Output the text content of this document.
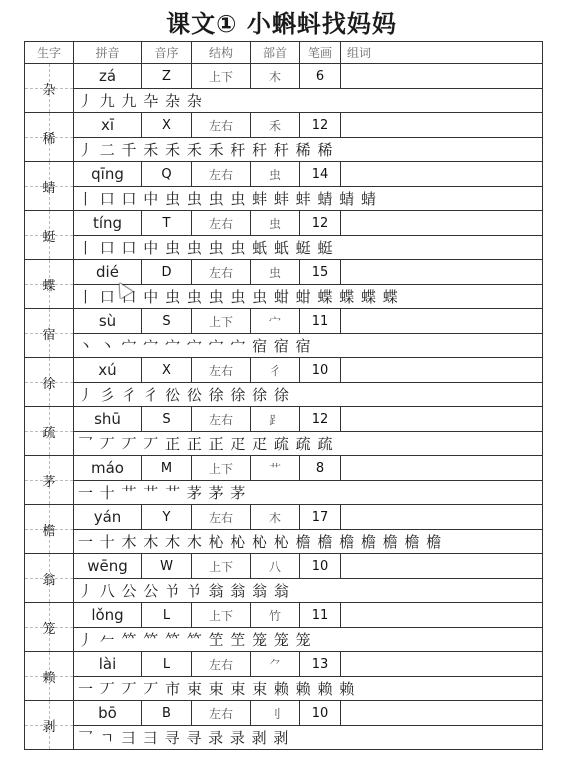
课文① 小蝌蚪找妈妈
生字	拼音	音序	结构	部首	笔画	组词
杂	zá	Z	上下	木	6	
	丿 九 九 卆 杂 杂					
稀	xī	X	左右	禾	12	
	丿 二 千 禾 禾 禾 禾 秆 秆 秆 稀 稀					
蜻	qīng	Q	左右	虫	14	
	丨 口 口 中 虫 虫 虫 虫 蚌 蚌 蚌 蜻 蜻 蜻					
蜓	tíng	T	左右	虫	12	
	丨 口 口 中 虫 虫 虫 虫 蚔 蚔 蜓 蜓					
蝶	dié	D	左右	虫	15	
	丨 口 口 中 虫 虫 虫 虫 虫 蚶 蚶 蝶 蝶 蝶 蝶					
宿	sù	S	上下	宀	11	
	丶 丶 宀 宀 宀 宀 宀 宀 宿 宿 宿					
徐	xú	X	左右	彳	10	
	丿 彡 彳 彳 彸 彸 徐 徐 徐 徐					
疏	shū	S	左右	⻊	12	
	乛 丆 丆 丆 正 正 正 疋 疋 疏 疏 疏					
茅	máo	M	上下	艹	8	
	一 十 艹 艹 艹 茅 茅 茅					
檐	yán	Y	左右	木	17	
	一 十 木 木 木 木 杺 杺 杺 杺 檐 檐 檐 檐 檐 檐 檐					
翁	wēng	W	上下	八	10	
	丿 八 公 公 兯 兯 翁 翁 翁 翁					
笼	lǒng	L	上下	竹	11	
	丿 𠂉 𥫗 𥫗 𥫗 𥫗 笁 笁 笼 笼 笼					
赖	lài	L	左右	⺈	13	
	一 丆 丆 丆 市 束 束 束 束 赖 赖 赖 赖					
剥	bō	B	左右	刂	10	
	乛 ㄱ 彐 彐 寻 寻 录 录 剥 剥					
